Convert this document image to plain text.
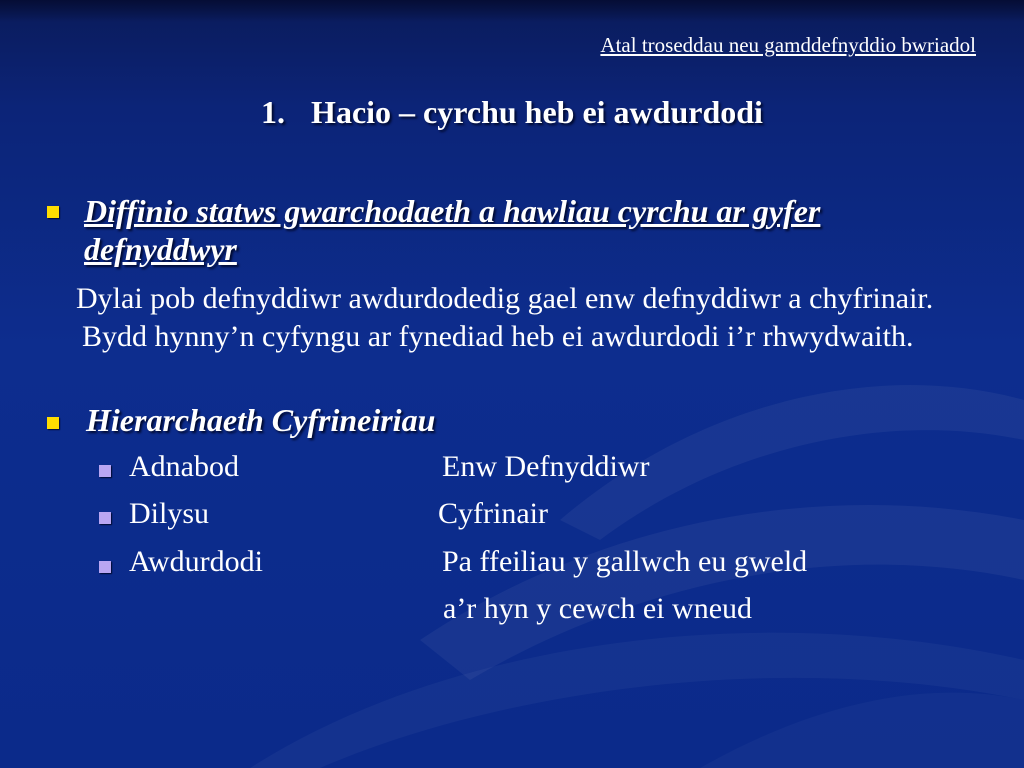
Atal troseddau neu gamddefnyddio bwriadol
1. Hacio – cyrchu heb ei awdurdodi
Diffinio statws gwarchodaeth a hawliau cyrchu ar gyfer defnyddwyr
Dylai pob defnyddiwr awdurdodedig gael enw defnyddiwr a chyfrinair. Bydd hynny’n cyfyngu ar fynediad heb ei awdurdodi i’r rhwydwaith.
Hierarchaeth Cyfrineiriau
Adnabod	Enw Defnyddiwr
Dilysu	Cyfrinair
Awdurdodi	Pa ffeiliau y gallwch eu gweld
a’r hyn y cewch ei wneud
